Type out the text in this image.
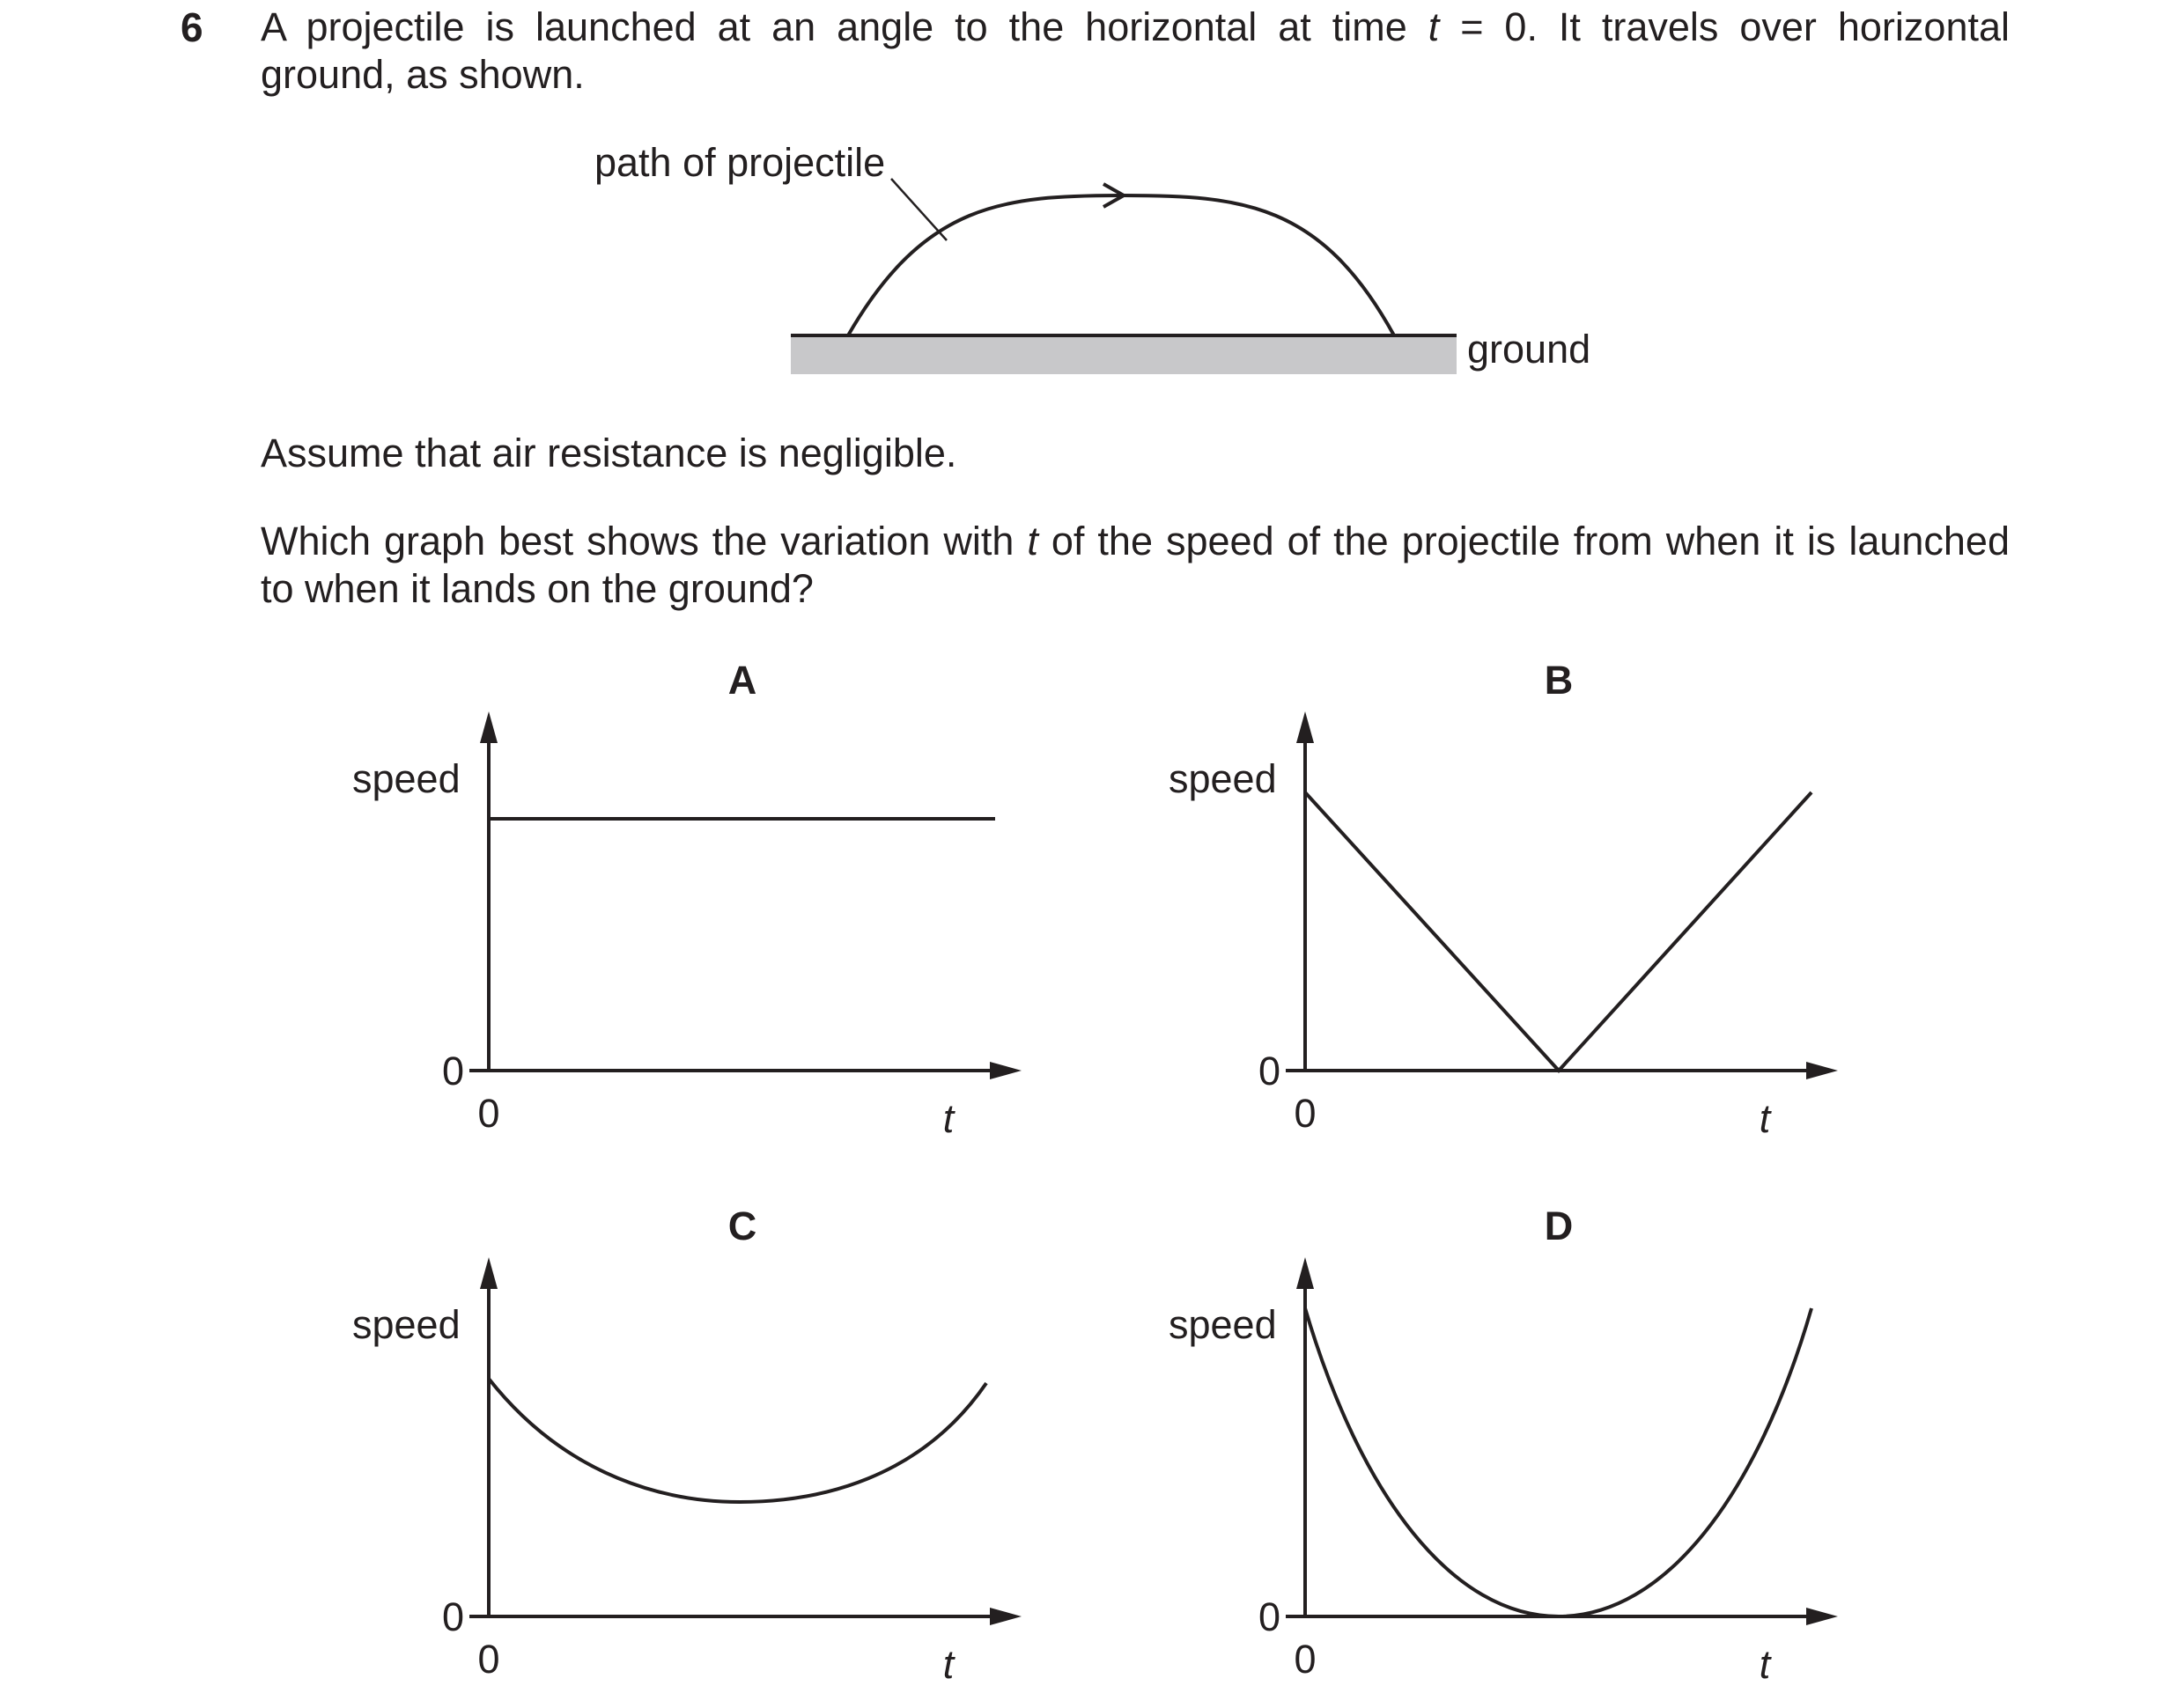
6 A projectile is launched at an angle to the horizontal at time t = 0. It travels over horizontal
ground, as shown.
Assume that air resistance is negligible.
Which graph best shows the variation with t of the speed of the projectile from when it is launched
to when it lands on the ground?
path of projectile
ground
A
speed
0
0	t
B
speed
0
0	t
C
speed
0
0	t
D
speed
0
0	t
